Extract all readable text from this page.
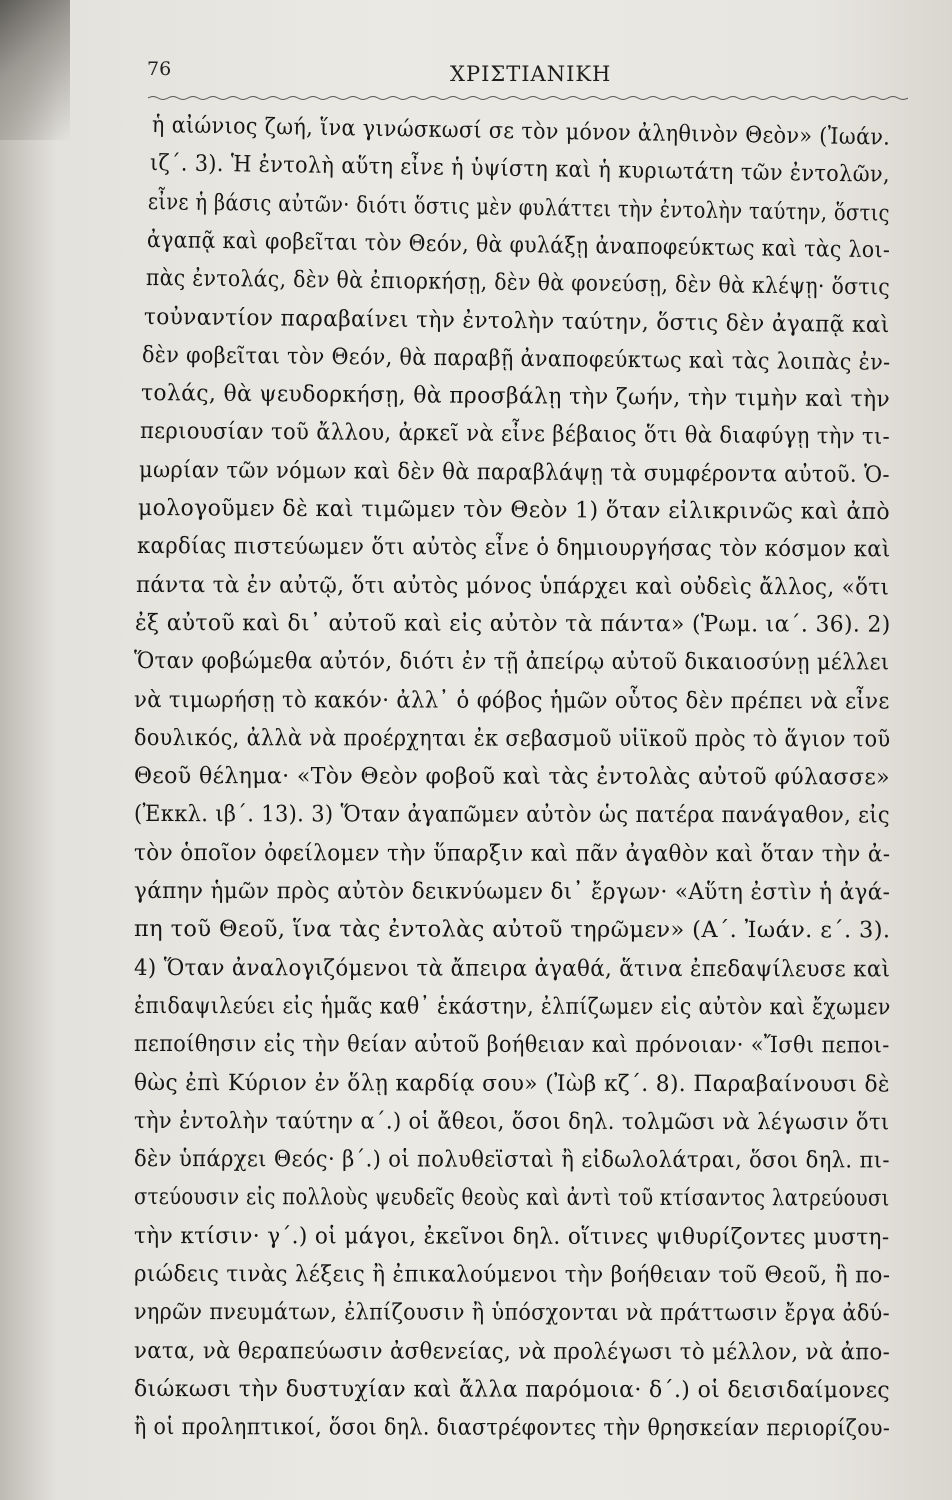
76	ΧΡΙΣΤΙΑΝΙΚΗ
ἡ αἰώνιος ζωή, ἵνα γινώσκωσί σε τὸν μόνον ἀληθινὸν Θεὸν» (Ἰωάν.
ιζ΄. 3). Ἡ ἐντολὴ αὕτη εἶνε ἡ ὑψίστη καὶ ἡ κυριωτάτη τῶν ἐντολῶν,
εἶνε ἡ βάσις αὐτῶν· διότι ὅστις μὲν φυλάττει τὴν ἐντολὴν ταύτην, ὅστις
ἀγαπᾷ καὶ φοβεῖται τὸν Θεόν, θὰ φυλάξῃ ἀναποφεύκτως καὶ τὰς λοι-
πὰς ἐντολάς, δὲν θὰ ἐπιορκήσῃ, δὲν θὰ φονεύσῃ, δὲν θὰ κλέψῃ· ὅστις
τοὐναντίον παραβαίνει τὴν ἐντολὴν ταύτην, ὅστις δὲν ἀγαπᾷ καὶ
δὲν φοβεῖται τὸν Θεόν, θὰ παραβῇ ἀναποφεύκτως καὶ τὰς λοιπὰς ἐν-
τολάς, θὰ ψευδορκήσῃ, θὰ προσβάλῃ τὴν ζωήν, τὴν τιμὴν καὶ τὴν
περιουσίαν τοῦ ἄλλου, ἀρκεῖ νὰ εἶνε βέβαιος ὅτι θὰ διαφύγῃ τὴν τι-
μωρίαν τῶν νόμων καὶ δὲν θὰ παραβλάψῃ τὰ συμφέροντα αὐτοῦ. Ὁ-
μολογοῦμεν δὲ καὶ τιμῶμεν τὸν Θεὸν 1) ὅταν εἰλικρινῶς καὶ ἀπὸ
καρδίας πιστεύωμεν ὅτι αὐτὸς εἶνε ὁ δημιουργήσας τὸν κόσμον καὶ
πάντα τὰ ἐν αὐτῷ, ὅτι αὐτὸς μόνος ὑπάρχει καὶ οὐδεὶς ἄλλος, «ὅτι
ἐξ αὐτοῦ καὶ δι᾿ αὐτοῦ καὶ εἰς αὐτὸν τὰ πάντα» (Ῥωμ. ια΄. 36). 2)
Ὅταν φοβώμεθα αὐτόν, διότι ἐν τῇ ἀπείρῳ αὐτοῦ δικαιοσύνῃ μέλλει
νὰ τιμωρήσῃ τὸ κακόν· ἀλλ᾿ ὁ φόβος ἡμῶν οὗτος δὲν πρέπει νὰ εἶνε
δουλικός, ἀλλὰ νὰ προέρχηται ἐκ σεβασμοῦ υἱϊκοῦ πρὸς τὸ ἅγιον τοῦ
Θεοῦ θέλημα· «Τὸν Θεὸν φοβοῦ καὶ τὰς ἐντολὰς αὐτοῦ φύλασσε»
(Ἐκκλ. ιβ΄. 13). 3) Ὅταν ἀγαπῶμεν αὐτὸν ὡς πατέρα πανάγαθον, εἰς
τὸν ὁποῖον ὀφείλομεν τὴν ὕπαρξιν καὶ πᾶν ἀγαθὸν καὶ ὅταν τὴν ἀ-
γάπην ἡμῶν πρὸς αὐτὸν δεικνύωμεν δι᾿ ἔργων· «Αὕτη ἐστὶν ἡ ἀγά-
πη τοῦ Θεοῦ, ἵνα τὰς ἐντολὰς αὐτοῦ τηρῶμεν» (Α΄. Ἰωάν. ε΄. 3).
4) Ὅταν ἀναλογιζόμενοι τὰ ἄπειρα ἀγαθά, ἅτινα ἐπεδαψίλευσε καὶ
ἐπιδαψιλεύει εἰς ἡμᾶς καθ᾿ ἑκάστην, ἐλπίζωμεν εἰς αὐτὸν καὶ ἔχωμεν
πεποίθησιν εἰς τὴν θείαν αὐτοῦ βοήθειαν καὶ πρόνοιαν· «Ἴσθι πεποι-
θὼς ἐπὶ Κύριον ἐν ὅλῃ καρδίᾳ σου» (Ἰὼβ κζ΄. 8). Παραβαίνουσι δὲ
τὴν ἐντολὴν ταύτην α΄.) οἱ ἄθεοι, ὅσοι δηλ. τολμῶσι νὰ λέγωσιν ὅτι
δὲν ὑπάρχει Θεός· β΄.) οἱ πολυθεϊσταὶ ἢ εἰδωλολάτραι, ὅσοι δηλ. πι-
στεύουσιν εἰς πολλοὺς ψευδεῖς θεοὺς καὶ ἀντὶ τοῦ κτίσαντος λατρεύουσι
τὴν κτίσιν· γ΄.) οἱ μάγοι, ἐκεῖνοι δηλ. οἵτινες ψιθυρίζοντες μυστη-
ριώδεις τινὰς λέξεις ἢ ἐπικαλούμενοι τὴν βοήθειαν τοῦ Θεοῦ, ἢ πο-
νηρῶν πνευμάτων, ἐλπίζουσιν ἢ ὑπόσχονται νὰ πράττωσιν ἔργα ἀδύ-
νατα, νὰ θεραπεύωσιν ἀσθενείας, νὰ προλέγωσι τὸ μέλλον, νὰ ἀπο-
διώκωσι τὴν δυστυχίαν καὶ ἄλλα παρόμοια· δ΄.) οἱ δεισιδαίμονες
ἢ οἱ προληπτικοί, ὅσοι δηλ. διαστρέφοντες τὴν θρησκείαν περιορίζου-
